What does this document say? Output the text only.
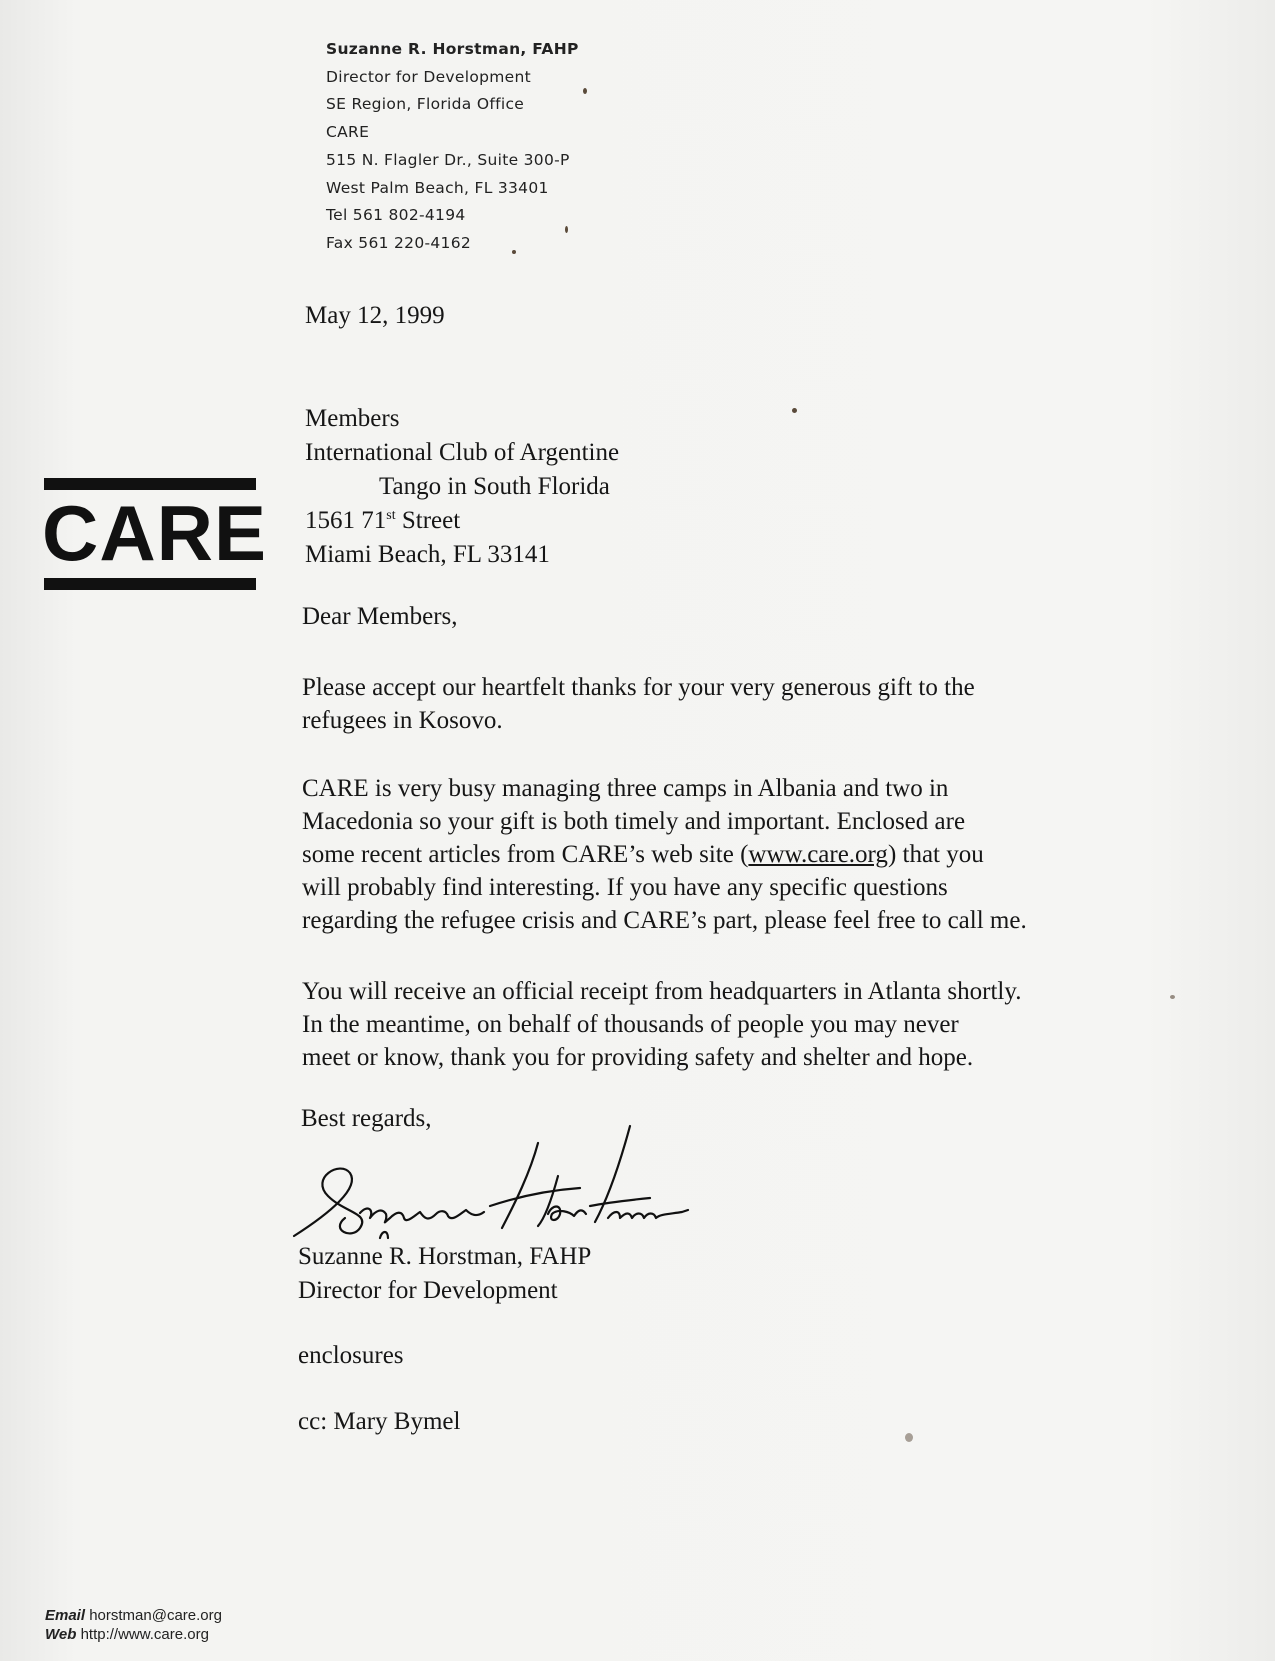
Suzanne R. Horstman, FAHP
Director for Development
SE Region, Florida Office
CARE
515 N. Flagler Dr., Suite 300-P
West Palm Beach, FL 33401
Tel 561 802-4194
Fax 561 220-4162
CARE
May 12, 1999
Members
International Club of Argentine
Tango in South Florida
1561 71st Street
Miami Beach, FL 33141
Dear Members,
Please accept our heartfelt thanks for your very generous gift to the
refugees in Kosovo.
CARE is very busy managing three camps in Albania and two in
Macedonia so your gift is both timely and important. Enclosed are
some recent articles from CARE’s web site (www.care.org) that you
will probably find interesting. If you have any specific questions
regarding the refugee crisis and CARE’s part, please feel free to call me.
You will receive an official receipt from headquarters in Atlanta shortly.
In the meantime, on behalf of thousands of people you may never
meet or know, thank you for providing safety and shelter and hope.
Best regards,
Suzanne R. Horstman, FAHP
Director for Development
enclosures
cc: Mary Bymel
Email horstman@care.org
Web http://www.care.org
